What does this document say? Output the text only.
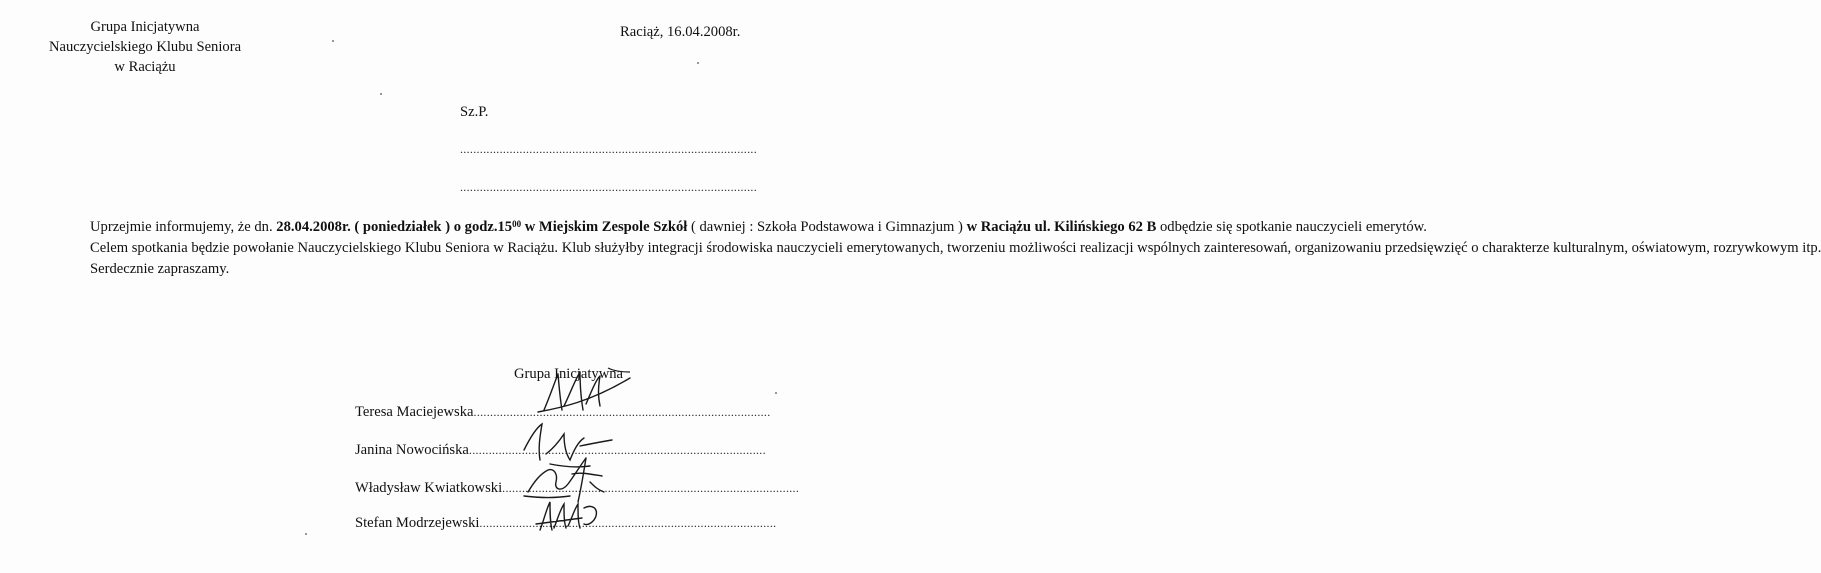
Grupa Inicjatywna
Nauczycielskiego Klubu Seniora
w Raciążu
Raciąż, 16.04.2008r.
Sz.P.
..........................................................................................
..........................................................................................

Uprzejmie informujemy, że dn. 28.04.2008r. ( poniedziałek ) o $godz.15^{00}$ w Miejskim Zespole Szkół ( dawniej : Szkoła Podstawowa i Gimnazjum ) w Raciążu ul. Kilińskiego 62 B odbędzie się spotkanie nauczycieli emerytów.

Celem spotkania będzie powołanie Nauczycielskiego Klubu Seniora w Raciążu. Klub służyłby integracji środowiska nauczycieli emerytowanych, tworzeniu możliwości realizacji wspólnych zainteresowań, organizowaniu przedsięwzięć o charakterze kulturalnym, oświatowym, rozrywkowym itp.

Serdecznie zapraszamy.

Grupa Inicjatywna
Teresa Maciejewska ..........................................................................................
Janina Nowocińska ..........................................................................................
Władysław Kwiatkowski ..........................................................................................
Stefan Modrzejewski ..........................................................................................
